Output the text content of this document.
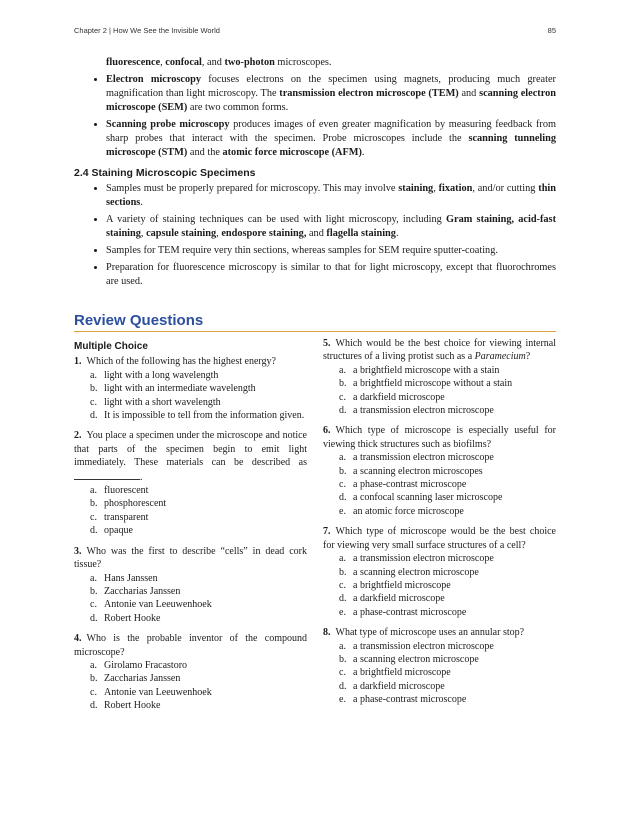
Chapter 2 | How We See the Invisible World	85
fluorescence, confocal, and two-photon microscopes.
• Electron microscopy focuses electrons on the specimen using magnets, producing much greater magnification than light microscopy. The transmission electron microscope (TEM) and scanning electron microscope (SEM) are two common forms.
• Scanning probe microscopy produces images of even greater magnification by measuring feedback from sharp probes that interact with the specimen. Probe microscopes include the scanning tunneling microscope (STM) and the atomic force microscope (AFM).
2.4 Staining Microscopic Specimens
• Samples must be properly prepared for microscopy. This may involve staining, fixation, and/or cutting thin sections.
• A variety of staining techniques can be used with light microscopy, including Gram staining, acid-fast staining, capsule staining, endospore staining, and flagella staining.
• Samples for TEM require very thin sections, whereas samples for SEM require sputter-coating.
• Preparation for fluorescence microscopy is similar to that for light microscopy, except that fluorochromes are used.
Review Questions
Multiple Choice
1. Which of the following has the highest energy?
a. light with a long wavelength
b. light with an intermediate wavelength
c. light with a short wavelength
d. It is impossible to tell from the information given.
2. You place a specimen under the microscope and notice that parts of the specimen begin to emit light immediately. These materials can be described as.
a. fluorescent
b. phosphorescent
c. transparent
d. opaque
3. Who was the first to describe “cells” in dead cork tissue?
a. Hans Janssen
b. Zaccharias Janssen
c. Antonie van Leeuwenhoek
d. Robert Hooke
4. Who is the probable inventor of the compound microscope?
a. Girolamo Fracastoro
b. Zaccharias Janssen
c. Antonie van Leeuwenhoek
d. Robert Hooke
5. Which would be the best choice for viewing internal structures of a living protist such as a Paramecium?
a. a brightfield microscope with a stain
b. a brightfield microscope without a stain
c. a darkfield microscope
d. a transmission electron microscope
6. Which type of microscope is especially useful for viewing thick structures such as biofilms?
a. a transmission electron microscope
b. a scanning electron microscopes
c. a phase-contrast microscope
d. a confocal scanning laser microscope
e. an atomic force microscope
7. Which type of microscope would be the best choice for viewing very small surface structures of a cell?
a. a transmission electron microscope
b. a scanning electron microscope
c. a brightfield microscope
d. a darkfield microscope
e. a phase-contrast microscope
8. What type of microscope uses an annular stop?
a. a transmission electron microscope
b. a scanning electron microscope
c. a brightfield microscope
d. a darkfield microscope
e. a phase-contrast microscope
